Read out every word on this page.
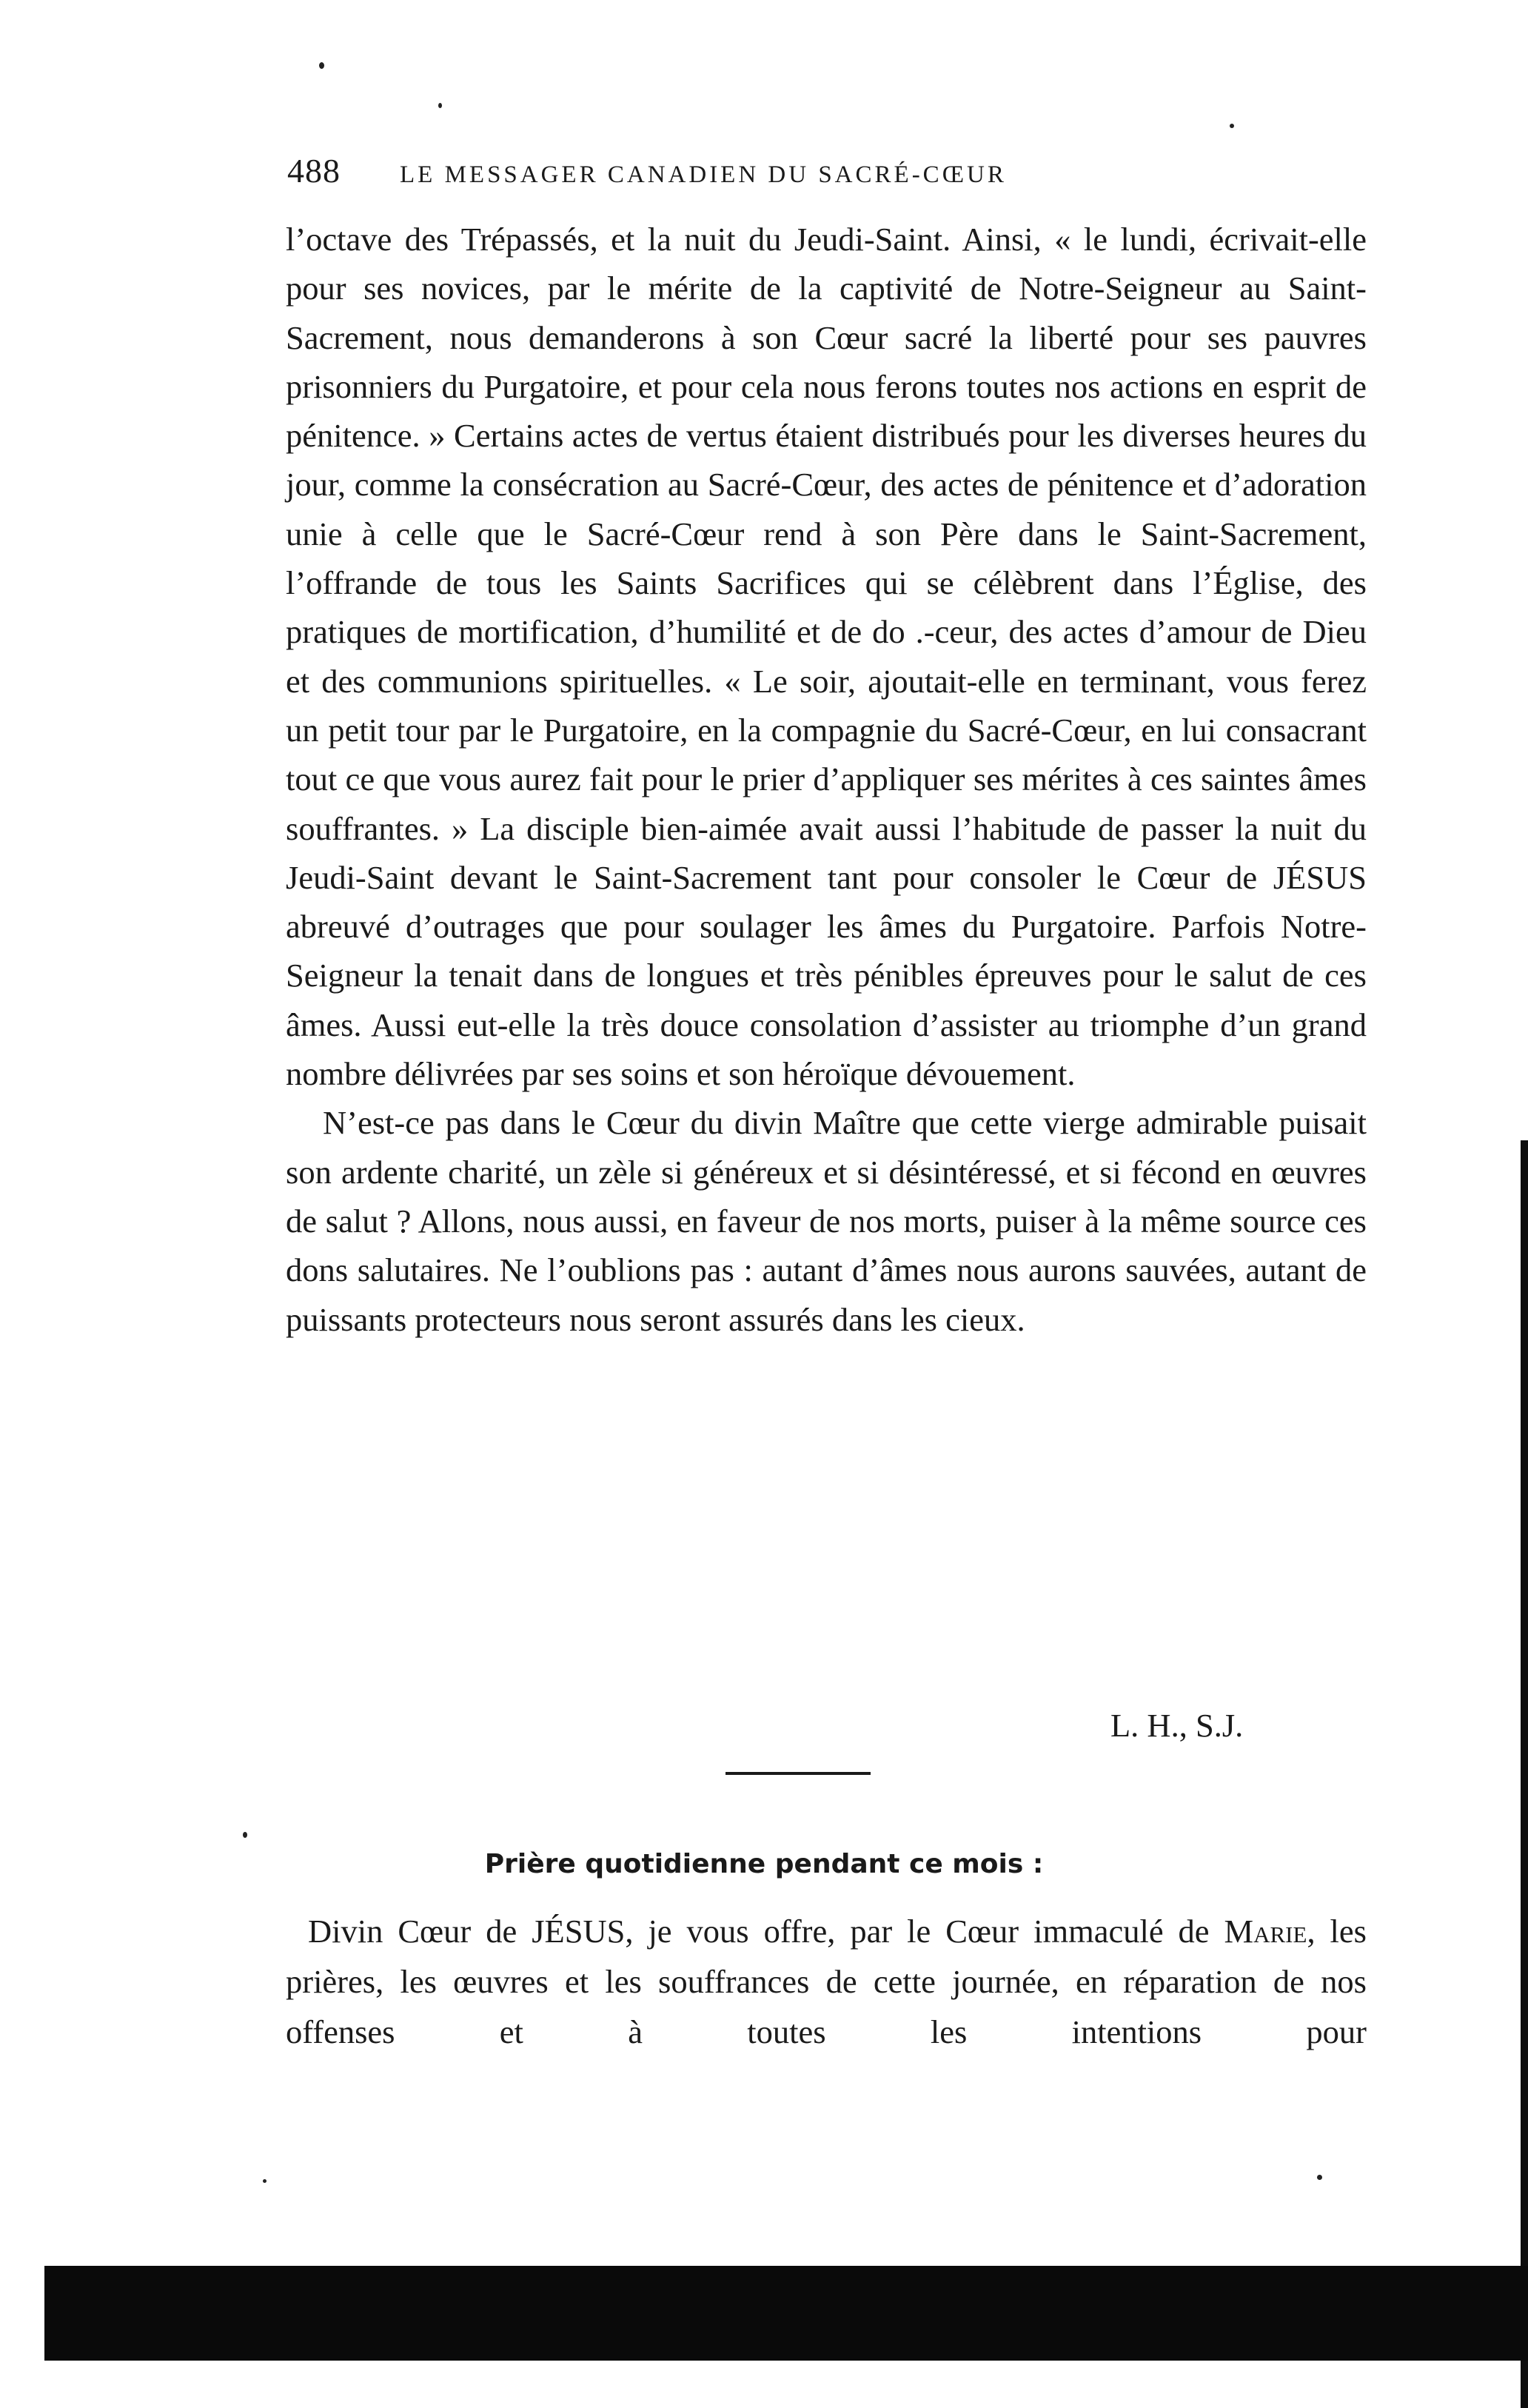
488	LE MESSAGER CANADIEN DU SACRÉ-CŒUR

l’octave des Trépassés, et la nuit du Jeudi-Saint. Ainsi, « le lundi, écrivait-elle pour ses novices, par le mérite de la captivité de Notre-Seigneur au Saint-Sacrement, nous demanderons à son Cœur sacré la liberté pour ses pauvres prisonniers du Purgatoire, et pour cela nous ferons toutes nos actions en esprit de pénitence. » Certains actes de vertus étaient distribués pour les diverses heures du jour, comme la consécration au Sacré-Cœur, des actes de pénitence et d’adoration unie à celle que le Sacré-Cœur rend à son Père dans le Saint-Sacrement, l’offrande de tous les Saints Sacrifices qui se célèbrent dans l’Église, des pratiques de mortification, d’humilité et de do .-ceur, des actes d’amour de Dieu et des communions spirituelles. « Le soir, ajoutait-elle en terminant, vous ferez un petit tour par le Purgatoire, en la compagnie du Sacré-Cœur, en lui consacrant tout ce que vous aurez fait pour le prier d’appliquer ses mérites à ces saintes âmes souffrantes. » La disciple bien-aimée avait aussi l’habitude de passer la nuit du Jeudi-Saint devant le Saint-Sacrement tant pour consoler le Cœur de JÉSUS abreuvé d’outrages que pour soulager les âmes du Purgatoire. Parfois Notre-Seigneur la tenait dans de longues et très pénibles épreuves pour le salut de ces âmes. Aussi eut-elle la très douce consolation d’assister au triomphe d’un grand nombre délivrées par ses soins et son héroïque dévouement.

N’est-ce pas dans le Cœur du divin Maître que cette vierge admirable puisait son ardente charité, un zèle si généreux et si désintéressé, et si fécond en œuvres de salut ? Allons, nous aussi, en faveur de nos morts, puiser à la même source ces dons salutaires. Ne l’oublions pas : autant d’âmes nous aurons sauvées, autant de puissants protecteurs nous seront assurés dans les cieux.

L. H., S.J.
Prière quotidienne pendant ce mois :

Divin Cœur de JÉSUS, je vous offre, par le Cœur immaculé de Marie, les prières, les œuvres et les souffrances de cette journée, en réparation de nos offenses et à toutes les intentions pour
